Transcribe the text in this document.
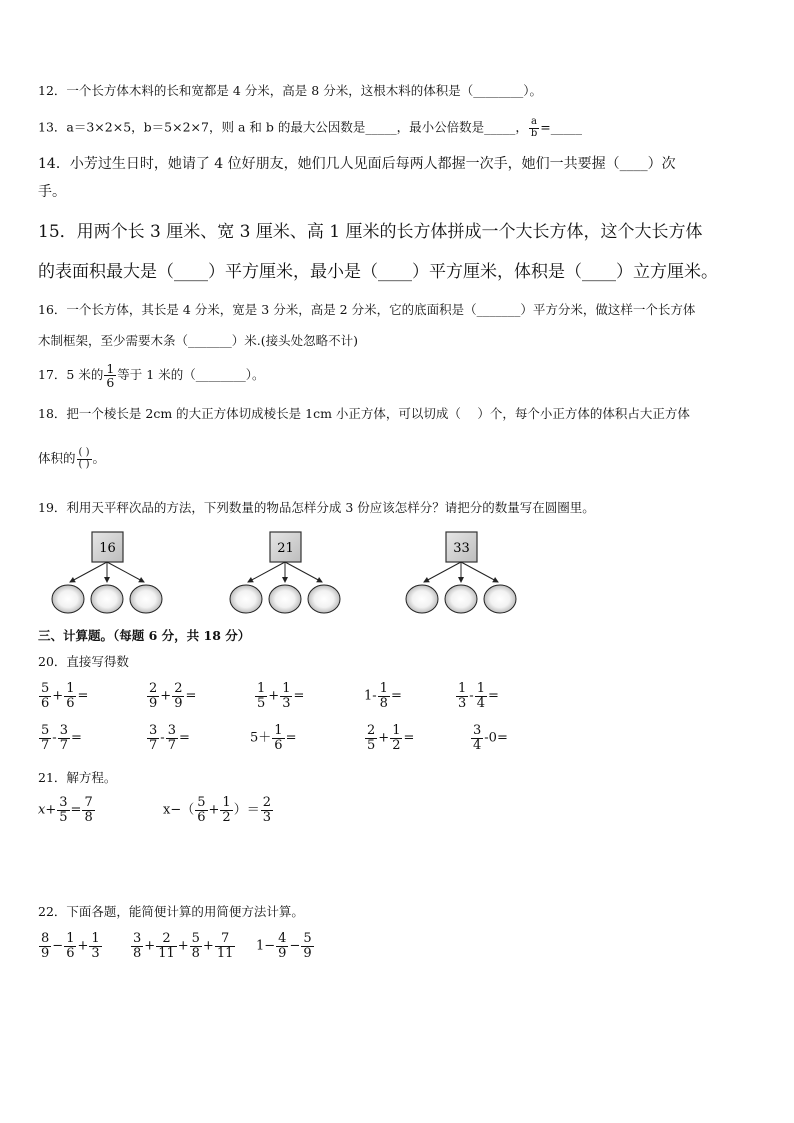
12．一个长方体木料的长和宽都是 4 分米，高是 8 分米，这根木料的体积是（________）。
13．a＝3×2×5，b＝5×2×7，则 a 和 b 的最大公因数是_____，最小公倍数是_____， $\frac{a}{b}$ =_____
14．小芳过生日时，她请了 4 位好朋友，她们几人见面后每两人都握一次手，她们一共要握（____）次
手。
15．用两个长 3 厘米、宽 3 厘米、高 1 厘米的长方体拼成一个大长方体，这个大长方体
的表面积最大是（____）平方厘米，最小是（____）平方厘米，体积是（____）立方厘米。
16．一个长方体，其长是 4 分米，宽是 3 分米，高是 2 分米，它的底面积是（_______）平方分米，做这样一个长方体
木制框架，至少需要木条（_______）米.(接头处忽略不计)
17．5 米的 $\frac{1}{6}$ 等于 1 米的（________）。
18．把一个棱长是 2cm 的大正方体切成棱长是 1cm 小正方体，可以切成（　 ）个，每个小正方体的体积占大正方体
体积的 $\frac{( )}{( )}$ 。
19．利用天平秤次品的方法，下列数量的物品怎样分成 3 份应该怎样分？请把分的数量写在圆圈里。
16	21	33
三、计算题。（每题 6 分，共 18 分）
20．直接写得数
$\frac{5}{6} + \frac{1}{6}$ =	$\frac{2}{9} + \frac{2}{9}$ =	$\frac{1}{5} + \frac{1}{3}$ =	$1- \frac{1}{8}$ =	$\frac{1}{3} - \frac{1}{4}$ =
$\frac{5}{7} - \frac{3}{7}$ =	$\frac{3}{7} - \frac{3}{7}$ =	$5+ \frac{1}{6}$ =	$\frac{2}{5} + \frac{1}{2}$ =	$\frac{3}{4} -0=$
21．解方程。
$x+ \frac{3}{5} = \frac{7}{8}$	$x-( \frac{5}{6} + \frac{1}{2}$ ）＝ $\frac{2}{3}$
22．下面各题，能简便计算的用简便方法计算。
$\frac{8}{9} - \frac{1}{6} + \frac{1}{3} \frac{3}{8} + \frac{2}{11} + \frac{5}{8} + \frac{7}{11} 1- \frac{4}{9} - \frac{5}{9}$
